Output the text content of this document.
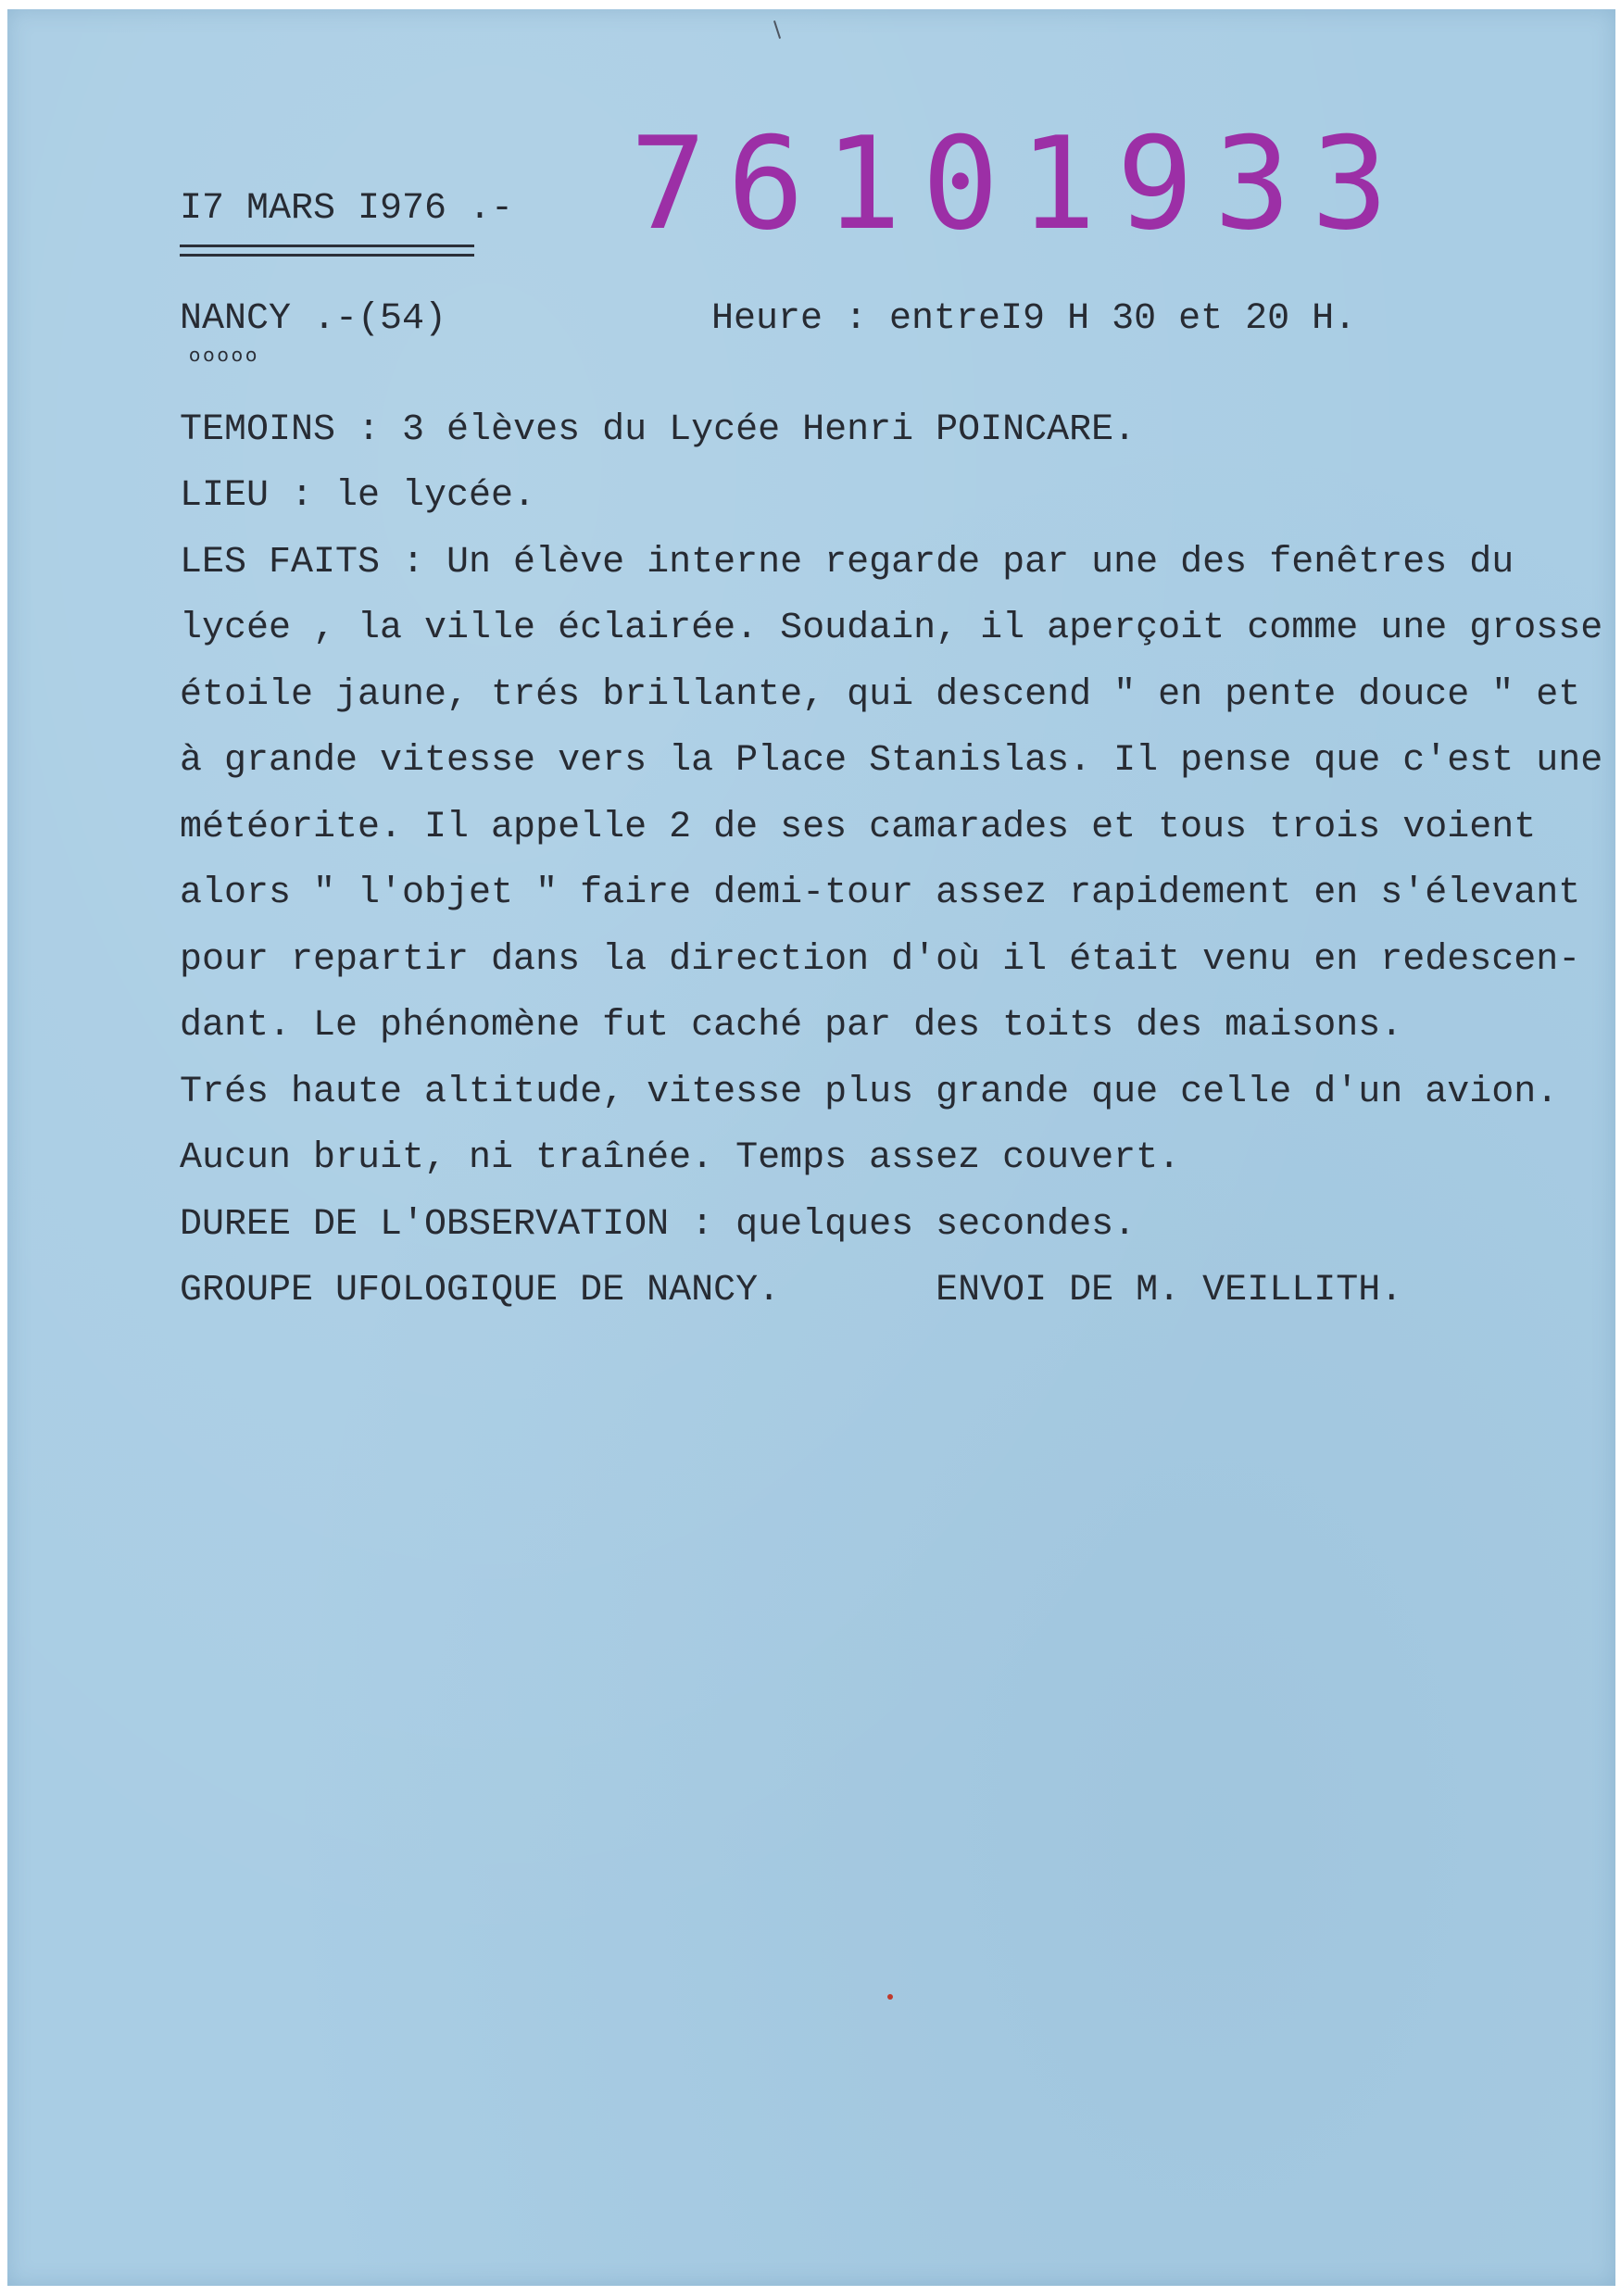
I7 MARS I976 .- 76101933
NANCY .-(54)
ooooo
Heure : entreI9 H 30 et 20 H.
TEMOINS : 3 élèves du Lycée Henri POINCARE.
LIEU : le lycée.
LES FAITS : Un élève interne regarde par une des fenêtres du
lycée , la ville éclairée. Soudain, il aperçoit comme une grosse
étoile jaune, trés brillante, qui descend " en pente douce " et
à grande vitesse vers la Place Stanislas. Il pense que c'est une
météorite. Il appelle 2 de ses camarades et tous trois voient
alors " l'objet " faire demi-tour assez rapidement en s'élevant
pour repartir dans la direction d'où il était venu en redescen-
dant. Le phénomène fut caché par des toits des maisons.
Trés haute altitude, vitesse plus grande que celle d'un avion.
Aucun bruit, ni traînée. Temps assez couvert.
DUREE DE L'OBSERVATION : quelques secondes.
GROUPE UFOLOGIQUE DE NANCY.       ENVOI DE M. VEILLITH.
